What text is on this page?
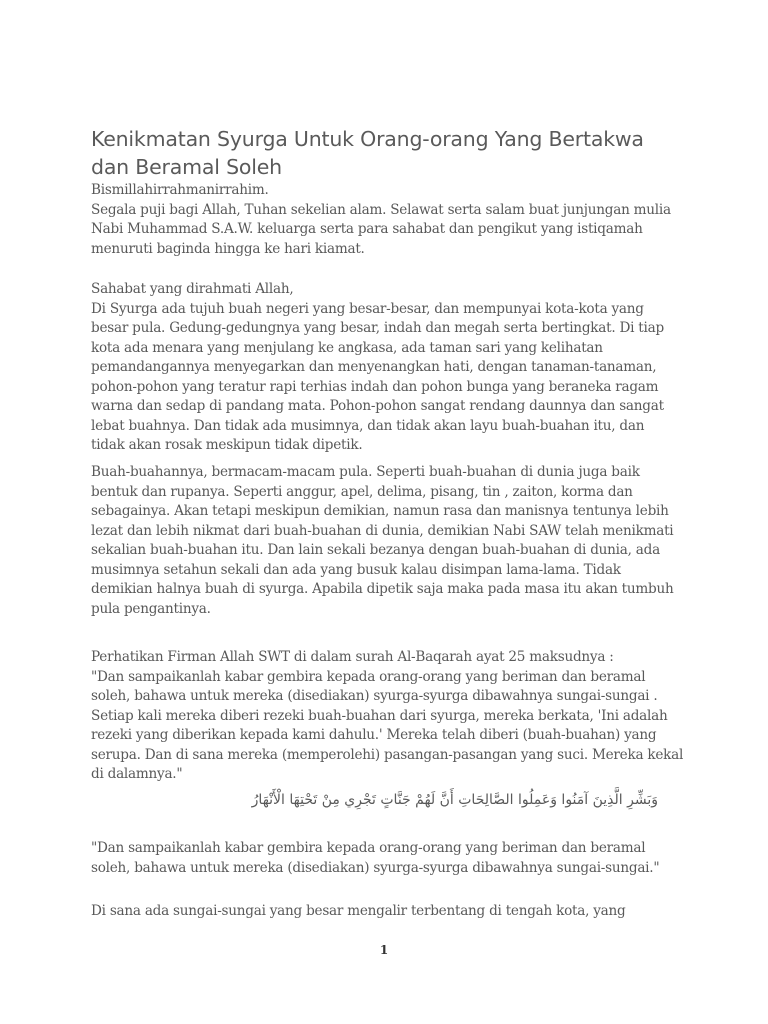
Kenikmatan Syurga Untuk Orang-orang Yang Bertakwa
dan Beramal Soleh

Bismillahirrahmanirrahim.

Segala puji bagi Allah, Tuhan sekelian alam. Selawat serta salam buat junjungan mulia

Nabi Muhammad S.A.W. keluarga serta para sahabat dan pengikut yang istiqamah

menuruti baginda hingga ke hari kiamat.

Sahabat yang dirahmati Allah,

Di Syurga ada tujuh buah negeri yang besar-besar, dan mempunyai kota-kota yang

besar pula. Gedung-gedungnya yang besar, indah dan megah serta bertingkat. Di tiap

kota ada menara yang menjulang ke angkasa, ada taman sari yang kelihatan

pemandangannya menyegarkan dan menyenangkan hati, dengan tanaman-tanaman,

pohon-pohon yang teratur rapi terhias indah dan pohon bunga yang beraneka ragam

warna dan sedap di pandang mata. Pohon-pohon sangat rendang daunnya dan sangat

lebat buahnya. Dan tidak ada musimnya, dan tidak akan layu buah-buahan itu, dan

tidak akan rosak meskipun tidak dipetik.

Buah-buahannya, bermacam-macam pula. Seperti buah-buahan di dunia juga baik

bentuk dan rupanya. Seperti anggur, apel, delima, pisang, tin , zaiton, korma dan

sebagainya. Akan tetapi meskipun demikian, namun rasa dan manisnya tentunya lebih

lezat dan lebih nikmat dari buah-buahan di dunia, demikian Nabi SAW telah menikmati

sekalian buah-buahan itu. Dan lain sekali bezanya dengan buah-buahan di dunia, ada

musimnya setahun sekali dan ada yang busuk kalau disimpan lama-lama. Tidak

demikian halnya buah di syurga. Apabila dipetik saja maka pada masa itu akan tumbuh

pula pengantinya.

Perhatikan Firman Allah SWT di dalam surah Al-Baqarah ayat 25 maksudnya :

"Dan sampaikanlah kabar gembira kepada orang-orang yang beriman dan beramal

soleh, bahawa untuk mereka (disediakan) syurga-syurga dibawahnya sungai-sungai .

Setiap kali mereka diberi rezeki buah-buahan dari syurga, mereka berkata, 'Ini adalah

rezeki yang diberikan kepada kami dahulu.' Mereka telah diberi (buah-buahan) yang

serupa. Dan di sana mereka (memperolehi) pasangan-pasangan yang suci. Mereka kekal

di dalamnya."

"Dan sampaikanlah kabar gembira kepada orang-orang yang beriman dan beramal

soleh, bahawa untuk mereka (disediakan) syurga-syurga dibawahnya sungai-sungai."

Di sana ada sungai-sungai yang besar mengalir terbentang di tengah kota, yang

وَبَشِّرِ الَّذِينَ آمَنُوا وَعَمِلُوا الصَّالِحَاتِ أَنَّ لَهُمْ جَنَّاتٍ تَجْرِي مِنْ تَحْتِهَا الْأَنْهَارُ

1
